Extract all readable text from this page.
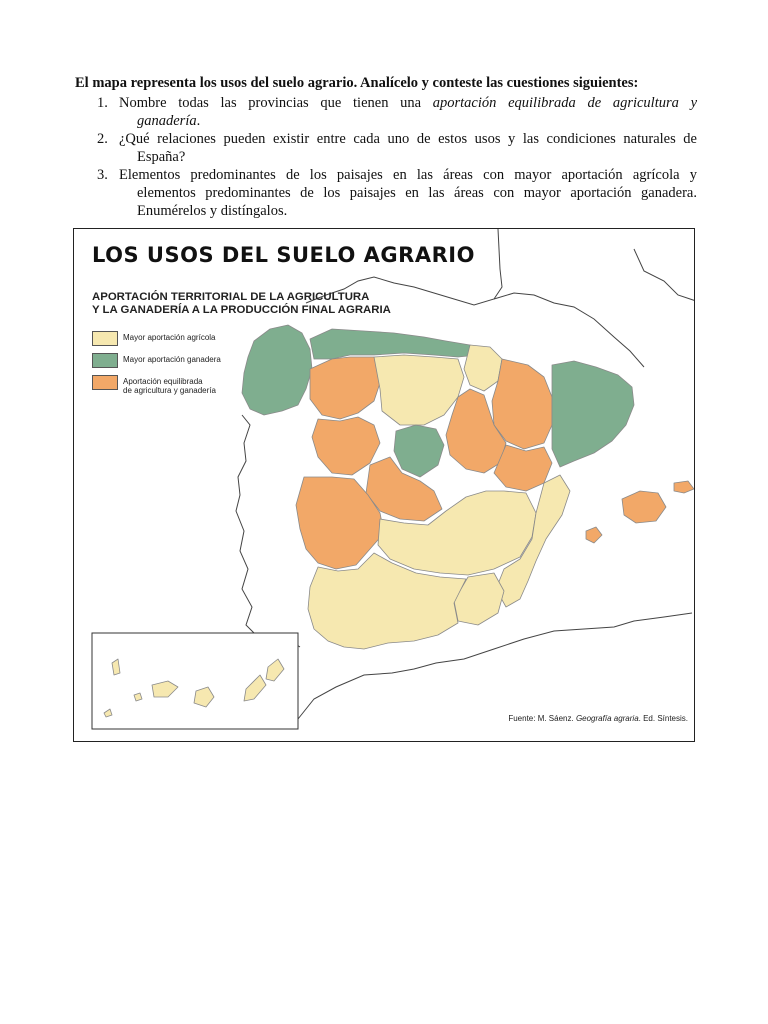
El mapa representa los usos del suelo agrario. Analícelo y conteste las cuestiones siguientes:

1. Nombre todas las provincias que tienen una aportación equilibrada de agricultura y
ganadería.
2. ¿Qué relaciones pueden existir entre cada uno de estos usos y las condiciones naturales de
España?
3. Elementos predominantes de los paisajes en las áreas con mayor aportación agrícola y
elementos predominantes de los paisajes en las áreas con mayor aportación ganadera.
Enumérelos y distíngalos.
LOS USOS DEL SUELO AGRARIO
APORTACIÓN TERRITORIAL DE LA AGRICULTURA
Y LA GANADERÍA A LA PRODUCCIÓN FINAL AGRARIA
Mayor aportación agrícola
Mayor aportación ganadera
Aportación equilibrada
de agricultura y ganadería
Fuente: M. Sáenz. Geografía agraria. Ed. Síntesis.
